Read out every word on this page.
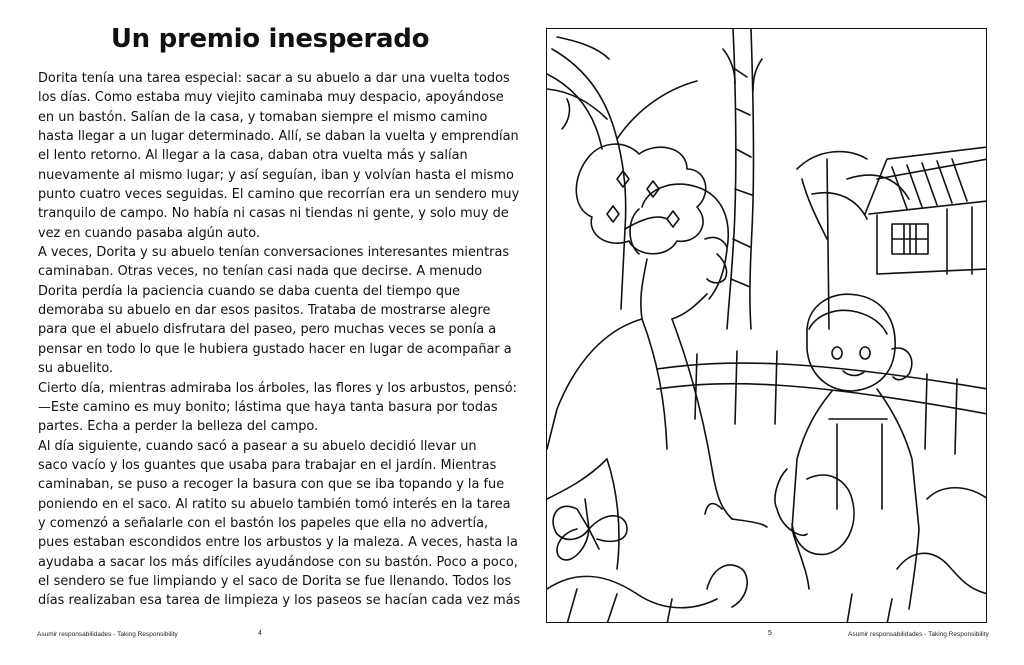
Un premio inesperado
Dorita tenía una tarea especial: sacar a su abuelo a dar una vuelta todos
los días. Como estaba muy viejito caminaba muy despacio, apoyándose
en un bastón. Salían de la casa, y tomaban siempre el mismo camino
hasta llegar a un lugar determinado. Allí, se daban la vuelta y emprendían
el lento retorno. Al llegar a la casa, daban otra vuelta más y salían
nuevamente al mismo lugar; y así seguían, iban y volvían hasta el mismo
punto cuatro veces seguidas. El camino que recorrían era un sendero muy
tranquilo de campo. No había ni casas ni tiendas ni gente, y solo muy de
vez en cuando pasaba algún auto.
A veces, Dorita y su abuelo tenían conversaciones interesantes mientras
caminaban. Otras veces, no tenían casi nada que decirse. A menudo
Dorita perdía la paciencia cuando se daba cuenta del tiempo que
demoraba su abuelo en dar esos pasitos. Trataba de mostrarse alegre
para que el abuelo disfrutara del paseo, pero muchas veces se ponía a
pensar en todo lo que le hubiera gustado hacer en lugar de acompañar a
su abuelito.
Cierto día, mientras admiraba los árboles, las flores y los arbustos, pensó:
—Este camino es muy bonito; lástima que haya tanta basura por todas
partes. Echa a perder la belleza del campo.
Al día siguiente, cuando sacó a pasear a su abuelo decidió llevar un
saco vacío y los guantes que usaba para trabajar en el jardín. Mientras
caminaban, se puso a recoger la basura con que se iba topando y la fue
poniendo en el saco. Al ratito su abuelo también tomó interés en la tarea
y comenzó a señalarle con el bastón los papeles que ella no advertía,
pues estaban escondidos entre los arbustos y la maleza. A veces, hasta la
ayudaba a sacar los más difíciles ayudándose con su bastón. Poco a poco,
el sendero se fue limpiando y el saco de Dorita se fue llenando. Todos los
días realizaban esa tarea de limpieza y los paseos se hacían cada vez más
Asumir responsabilidades - Taking Responsibility	4	5	Asumir responsabilidades - Taking Responsibility
